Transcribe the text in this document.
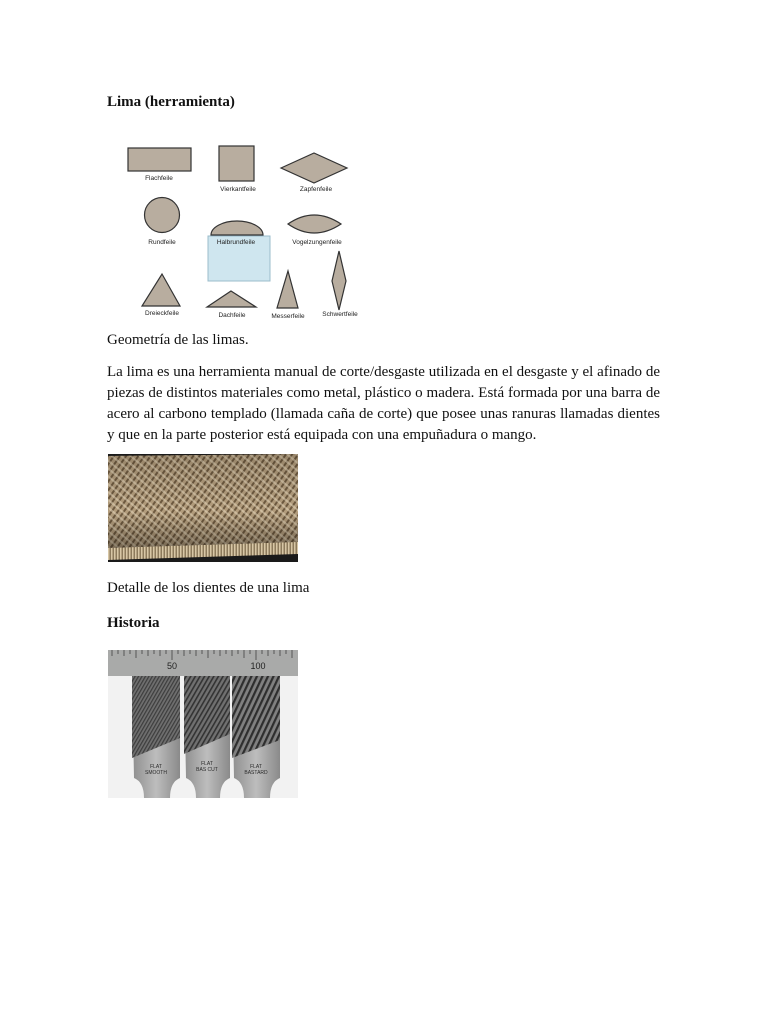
Lima (herramienta)
Flachfeile
Vierkantfeile	Zapfenfeile
Rundfeile	Halbrundfeile	Vogelzungenfeile
Dreieckfeile	Dachfeile	Messerfeile	Schwertfeile
Geometría de las limas.
La lima es una herramienta manual de corte/desgaste utilizada en el desgaste y el afinado de piezas de distintos materiales como metal, plástico o madera. Está formada por una barra de acero al carbono templado (llamada caña de corte) que posee unas ranuras llamadas dientes y que en la parte posterior está equipada con una empuñadura o mango.
Detalle de los dientes de una lima
Historia
50	100
FLAT SMOOTH
FLAT BAS CUT	FLAT BASTARD
